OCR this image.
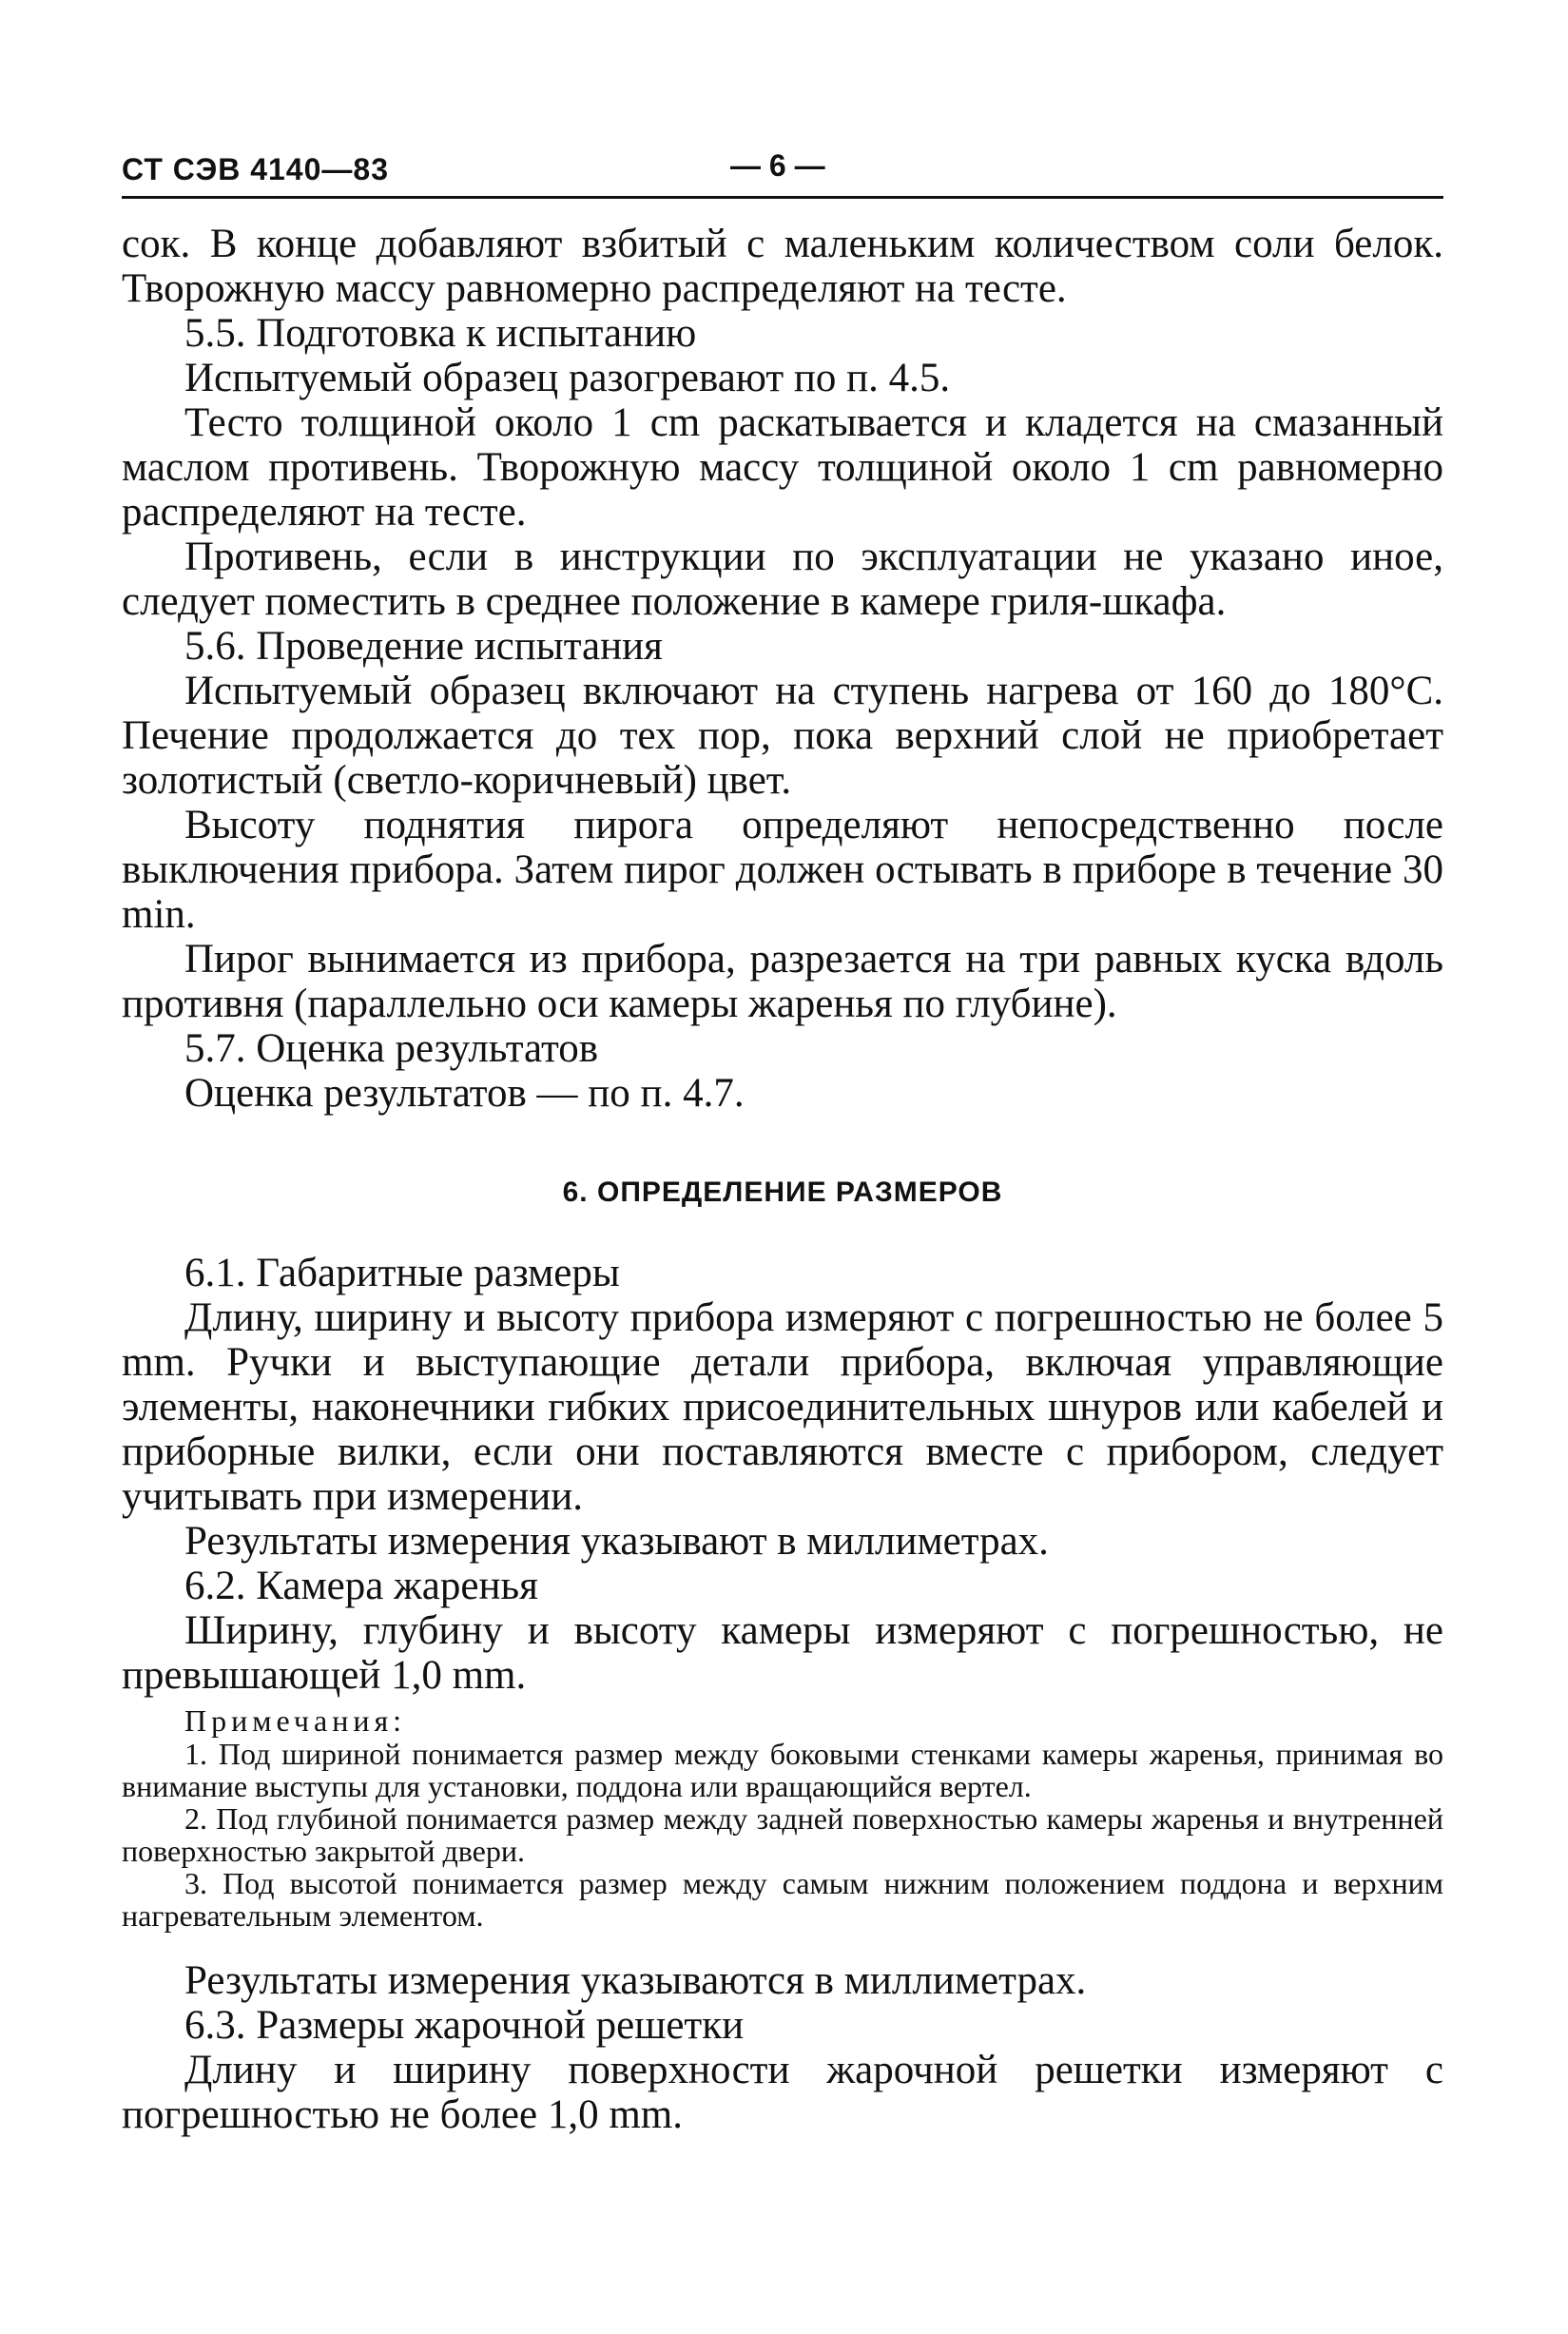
СТ СЭВ 4140—83	— 6 —

сок. В конце добавляют взбитый с маленьким количеством соли белок. Творожную массу равномерно распределяют на тесте.

5.5. Подготовка к испытанию

Испытуемый образец разогревают по п. 4.5.

Тесто толщиной около 1 cm раскатывается и кладется на смазанный маслом противень. Творожную массу толщиной около 1 cm равномерно распределяют на тесте.

Противень, если в инструкции по эксплуатации не указано иное, следует поместить в среднее положение в камере гриля-шкафа.

5.6. Проведение испытания

Испытуемый образец включают на ступень нагрева от 160 до 180°С. Печение продолжается до тех пор, пока верхний слой не приобретает золотистый (светло-коричневый) цвет.

Высоту поднятия пирога определяют непосредственно после выключения прибора. Затем пирог должен остывать в приборе в течение 30 min.

Пирог вынимается из прибора, разрезается на три равных куска вдоль противня (параллельно оси камеры жаренья по глубине).

5.7. Оценка результатов

Оценка результатов — по п. 4.7.

6. ОПРЕДЕЛЕНИЕ РАЗМЕРОВ

6.1. Габаритные размеры

Длину, ширину и высоту прибора измеряют с погрешностью не более 5 mm. Ручки и выступающие детали прибора, включая управляющие элементы, наконечники гибких присоединительных шнуров или кабелей и приборные вилки, если они поставляются вместе с прибором, следует учитывать при измерении.

Результаты измерения указывают в миллиметрах.

6.2. Камера жаренья

Ширину, глубину и высоту камеры измеряют с погрешностью, не превышающей 1,0 mm.

Примечания:

1. Под шириной понимается размер между боковыми стенками камеры жаренья, принимая во внимание выступы для установки, поддона или вращающийся вертел.

2. Под глубиной понимается размер между задней поверхностью камеры жаренья и внутренней поверхностью закрытой двери.

3. Под высотой понимается размер между самым нижним положением поддона и верхним нагревательным элементом.

Результаты измерения указываются в миллиметрах.

6.3. Размеры жарочной решетки

Длину и ширину поверхности жарочной решетки измеряют с погрешностью не более 1,0 mm.
